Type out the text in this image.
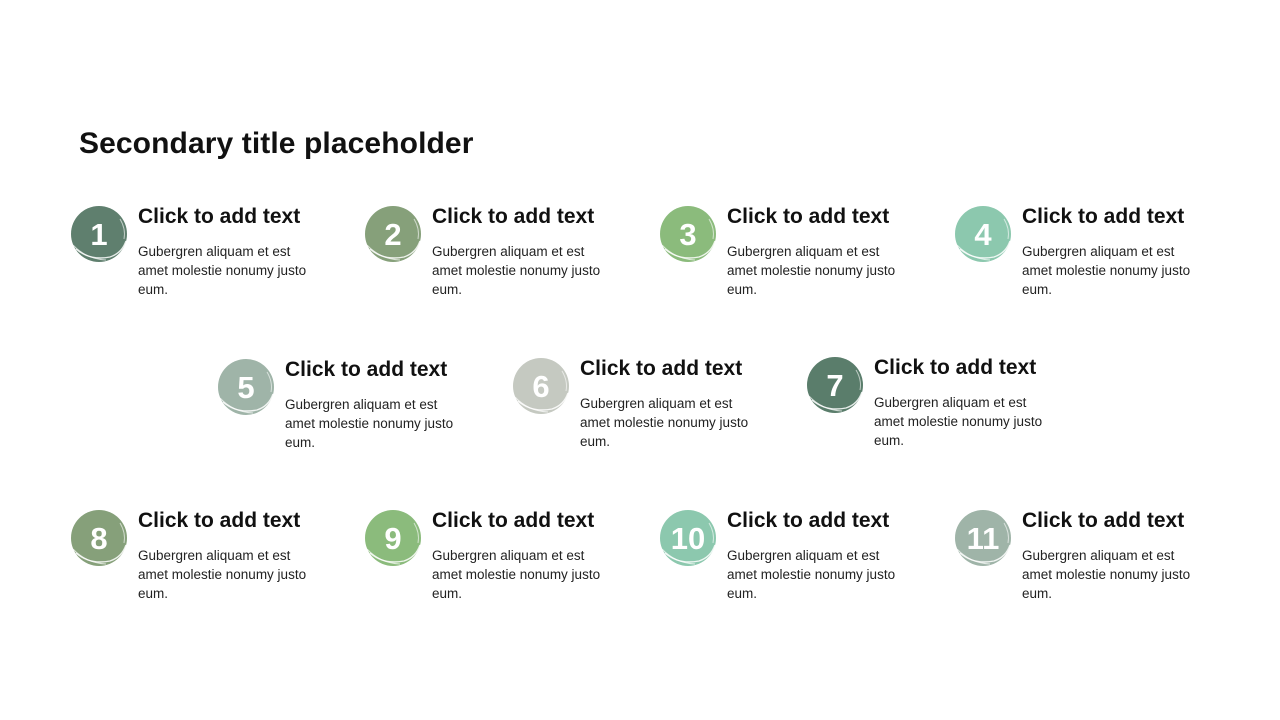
Secondary title placeholder
1
Click to add text
Gubergren aliquam et est amet molestie nonumy justo eum.
2
Click to add text
Gubergren aliquam et est amet molestie nonumy justo eum.
3
Click to add text
Gubergren aliquam et est amet molestie nonumy justo eum.
4
Click to add text
Gubergren aliquam et est amet molestie nonumy justo eum.
5
Click to add text
Gubergren aliquam et est amet molestie nonumy justo eum.
6
Click to add text
Gubergren aliquam et est amet molestie nonumy justo eum.
7
Click to add text
Gubergren aliquam et est amet molestie nonumy justo eum.
8
Click to add text
Gubergren aliquam et est amet molestie nonumy justo eum.
9
Click to add text
Gubergren aliquam et est amet molestie nonumy justo eum.
10
Click to add text
Gubergren aliquam et est amet molestie nonumy justo eum.
11
Click to add text
Gubergren aliquam et est amet molestie nonumy justo eum.
